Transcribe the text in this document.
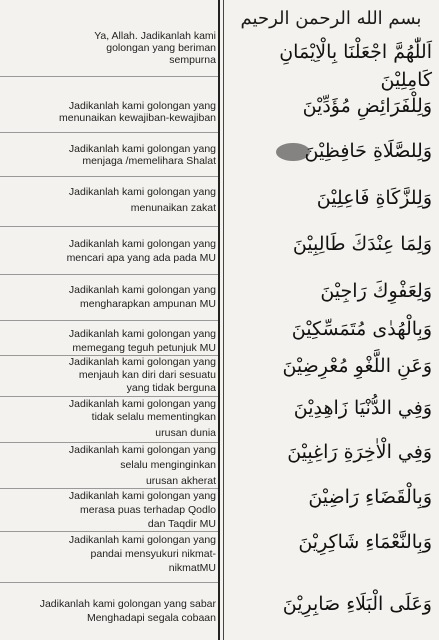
بسم الله الرحمن الرحيم
Ya, Allah. Jadikanlah kami
golongan yang beriman
sempurna	اَللّٰهُمَّ اجْعَلْنَا بِالْاِيْمَانِ كَامِلِيْنَ
Jadikanlah kami golongan yang
menunaikan kewajiban-kewajiban
وَلِلْفَرَائِضِ مُؤَدِّيْنَ
Jadikanlah kami golongan yang
menjaga /memelihara Shalat	وَلِلصَّلَاةِ حَافِظِيْنَ
Jadikanlah kami golongan yang
menunaikan zakat	وَلِلزَّكَاةِ فَاعِلِيْنَ
Jadikanlah kami golongan yang
mencari apa yang ada pada MU
وَلِمَا عِنْدَكَ طَالِبِيْنَ
Jadikanlah kami golongan yang
mengharapkan ampunan MU
وَلِعَفْوِكَ رَاجِيْنَ
Jadikanlah kami golongan yang
memegang teguh petunjuk MU
وَبِالْهُدٰى مُتَمَسِّكِيْنَ
Jadikanlah kami golongan yang
menjauh kan diri dari sesuatu
yang tidak berguna
وَعَنِ اللَّغْوِ مُعْرِضِيْنَ
Jadikanlah kami golongan yang
tidak selalu mementingkan
urusan dunia
وَفِي الدُّنْيَا زَاهِدِيْنَ
Jadikanlah kami golongan yang
selalu menginginkan
urusan akherat
وَفِي الْاٰخِرَةِ رَاغِبِيْنَ
Jadikanlah kami golongan yang
merasa puas terhadap Qodlo
dan Taqdir MU
وَبِالْقَضَاءِ رَاضِيْنَ
Jadikanlah kami golongan yang
pandai mensyukuri nikmat-
nikmatMU
وَبِالنَّعْمَاءِ شَاكِرِيْنَ
Jadikanlah kami golongan yang sabar
Menghadapi segala cobaan
وَعَلَى الْبَلَاءِ صَابِرِيْنَ
